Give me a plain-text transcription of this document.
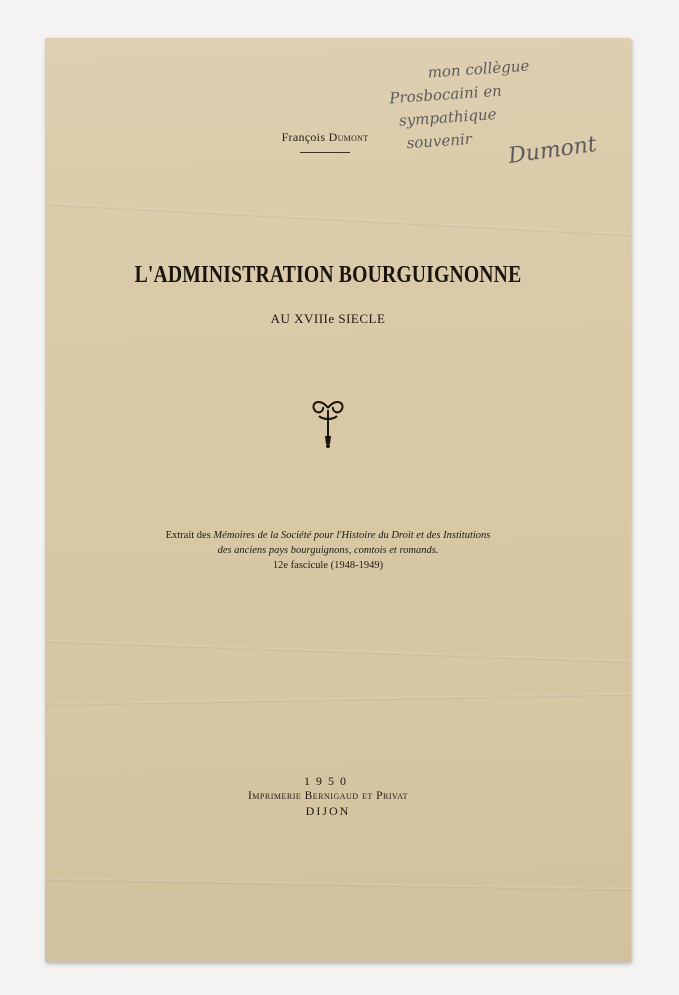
François Dumont
mon collègue
Prosbocaini en
sympathique
souvenir	Dumont
L'ADMINISTRATION BOURGUIGNONNE
AU XVIIIe SIECLE
Extrait des Mémoires de la Société pour l'Histoire du Droit et des Institutions
des anciens pays bourguignons, comtois et romands.
12e fascicule (1948-1949)
1950
Imprimerie Bernigaud et Privat
DIJON
